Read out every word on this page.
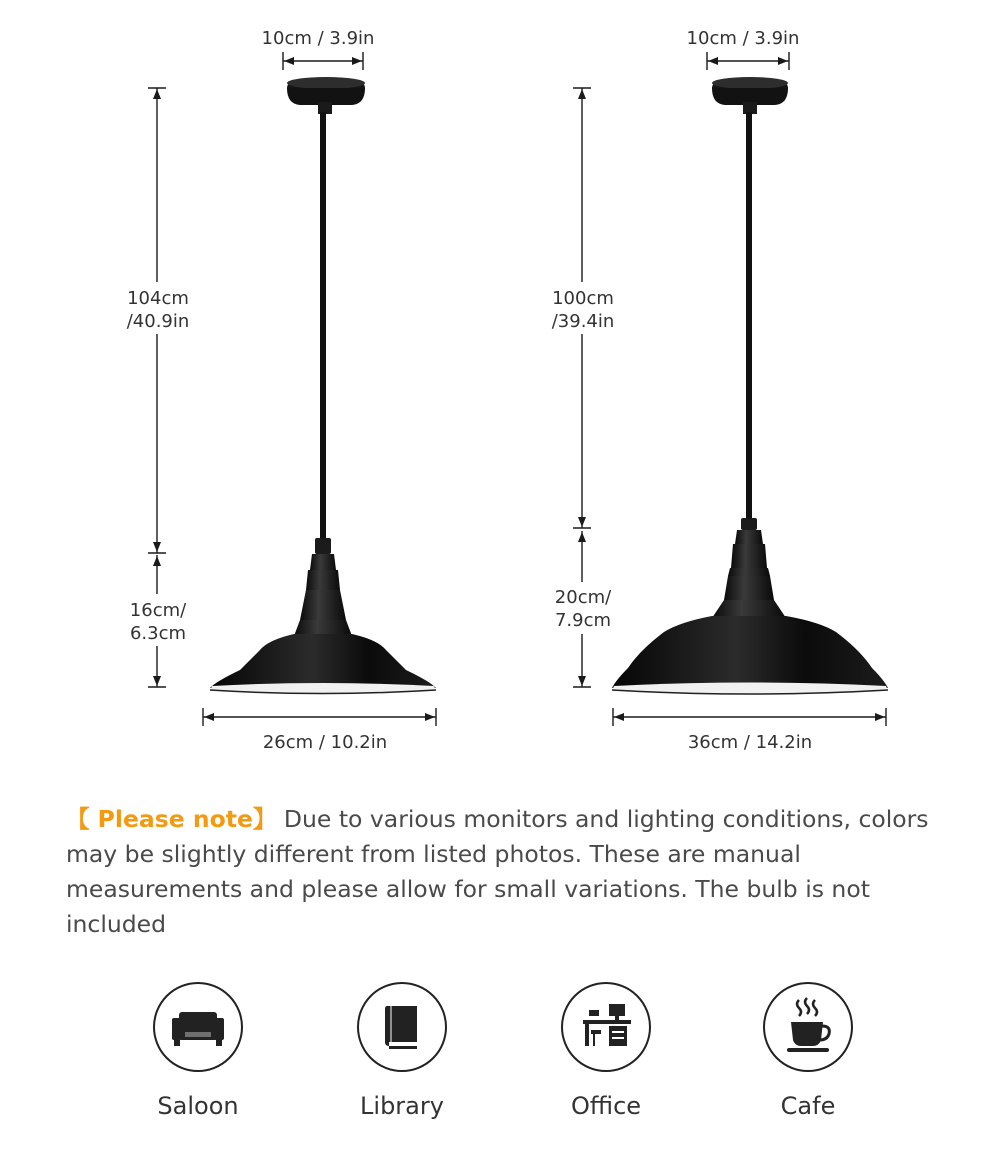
10cm / 3.9in
104cm
/40.9in
16cm/
6.3cm
26cm / 10.2in
10cm / 3.9in
100cm
/39.4in
20cm/
7.9cm
36cm / 14.2in
【 Please note】 Due to various monitors and lighting conditions, colors may be slightly different from listed photos. These are manual measurements and please allow for small variations. The bulb is not included
Saloon	Library	Office	Cafe
